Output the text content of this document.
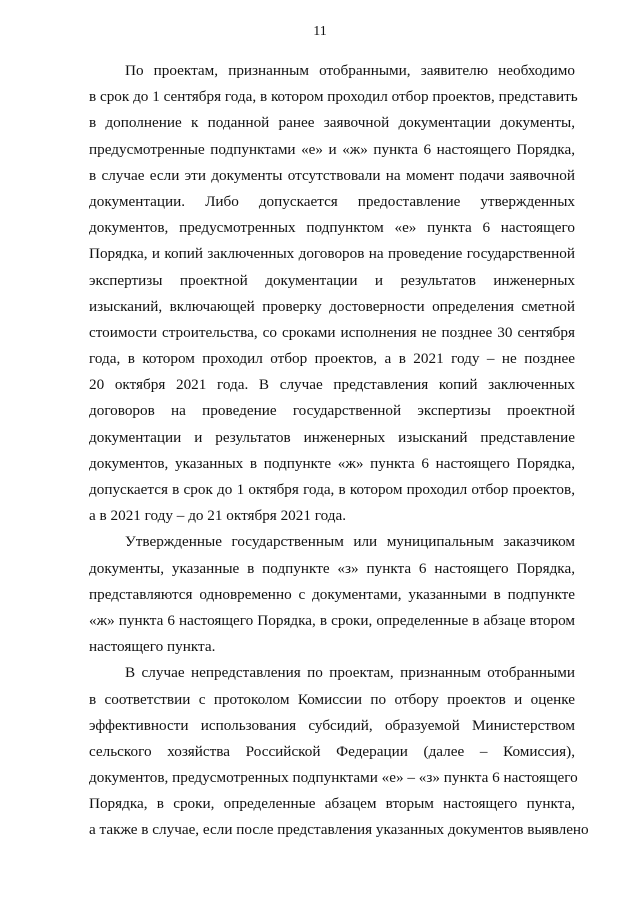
11
По проектам, признанным отобранными, заявителю необходимо
в срок до 1 сентября года, в котором проходил отбор проектов, представить
в дополнение к поданной ранее заявочной документации документы,
предусмотренные подпунктами «е» и «ж» пункта 6 настоящего Порядка,
в случае если эти документы отсутствовали на момент подачи заявочной
документации. Либо допускается предоставление утвержденных
документов, предусмотренных подпунктом «е» пункта 6 настоящего
Порядка, и копий заключенных договоров на проведение государственной
экспертизы проектной документации и результатов инженерных
изысканий, включающей проверку достоверности определения сметной
стоимости строительства, со сроками исполнения не позднее 30 сентября
года, в котором проходил отбор проектов, а в 2021 году – не позднее
20 октября 2021 года. В случае представления копий заключенных
договоров на проведение государственной экспертизы проектной
документации и результатов инженерных изысканий представление
документов, указанных в подпункте «ж» пункта 6 настоящего Порядка,
допускается в срок до 1 октября года, в котором проходил отбор проектов,
а в 2021 году – до 21 октября 2021 года.
Утвержденные государственным или муниципальным заказчиком
документы, указанные в подпункте «з» пункта 6 настоящего Порядка,
представляются одновременно с документами, указанными в подпункте
«ж» пункта 6 настоящего Порядка, в сроки, определенные в абзаце втором
настоящего пункта.
В случае непредставления по проектам, признанным отобранными
в соответствии с протоколом Комиссии по отбору проектов и оценке
эффективности использования субсидий, образуемой Министерством
сельского хозяйства Российской Федерации (далее – Комиссия),
документов, предусмотренных подпунктами «е» – «з» пункта 6 настоящего
Порядка, в сроки, определенные абзацем вторым настоящего пункта,
а также в случае, если после представления указанных документов выявлено
